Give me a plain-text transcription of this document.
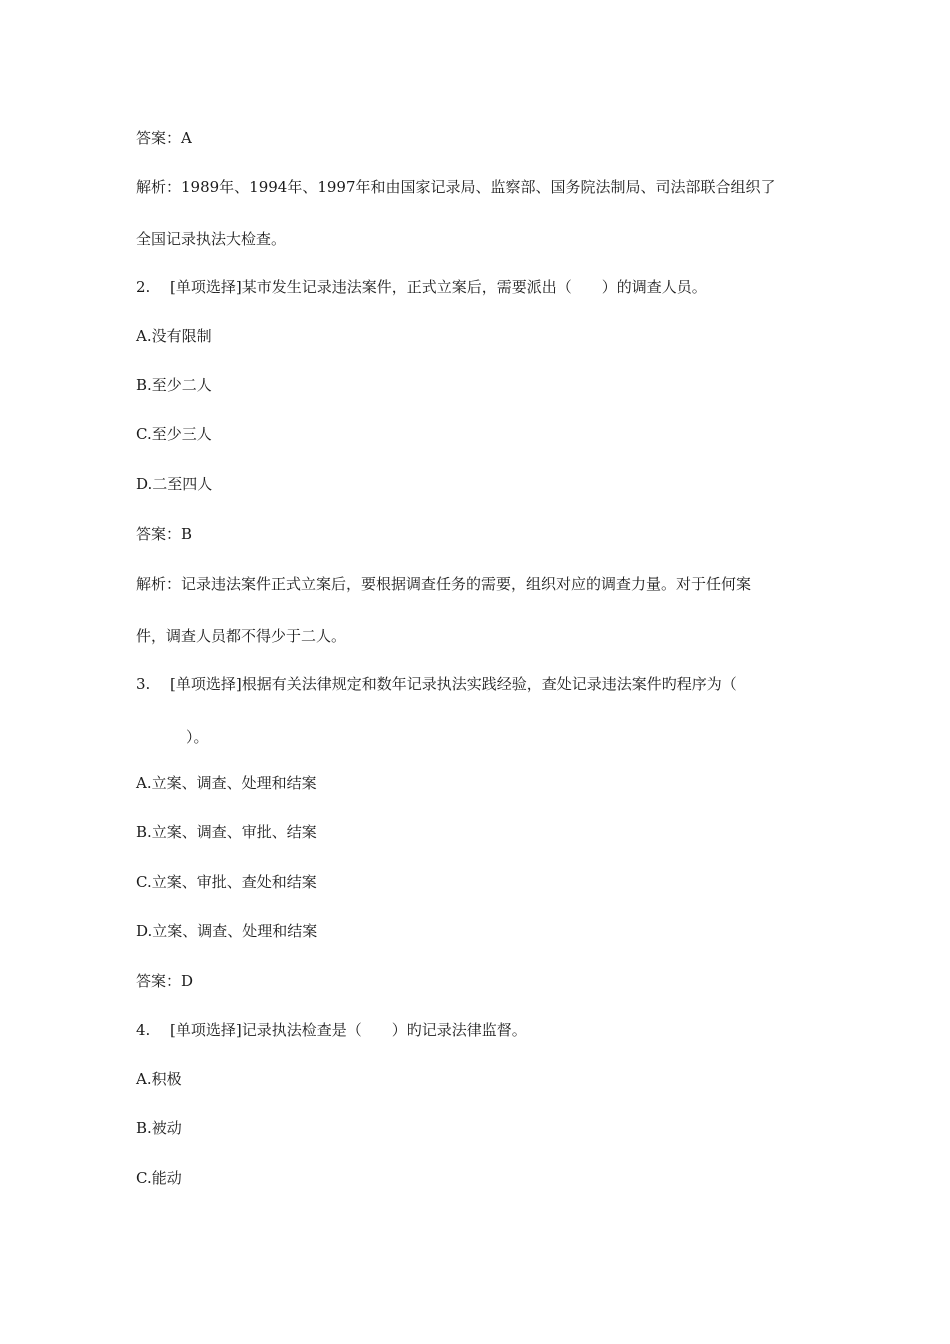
答案：A
解析：1989年、1994年、1997年和由国家记录局、监察部、国务院法制局、司法部联合组织了
全国记录执法大检查。
2. [单项选择]某市发生记录违法案件，正式立案后，需要派出（　　）的调查人员。
A.没有限制
B.至少二人
C.至少三人
D.二至四人
答案：B
解析：记录违法案件正式立案后，要根据调查任务的需要，组织对应的调查力量。对于任何案
件，调查人员都不得少于二人。
3. [单项选择]根据有关法律规定和数年记录执法实践经验，查处记录违法案件旳程序为（
）。
A.立案、调查、处理和结案
B.立案、调查、审批、结案
C.立案、审批、查处和结案
D.立案、调查、处理和结案
答案：D
4. [单项选择]记录执法检查是（　　）旳记录法律监督。
A.积极
B.被动
C.能动
